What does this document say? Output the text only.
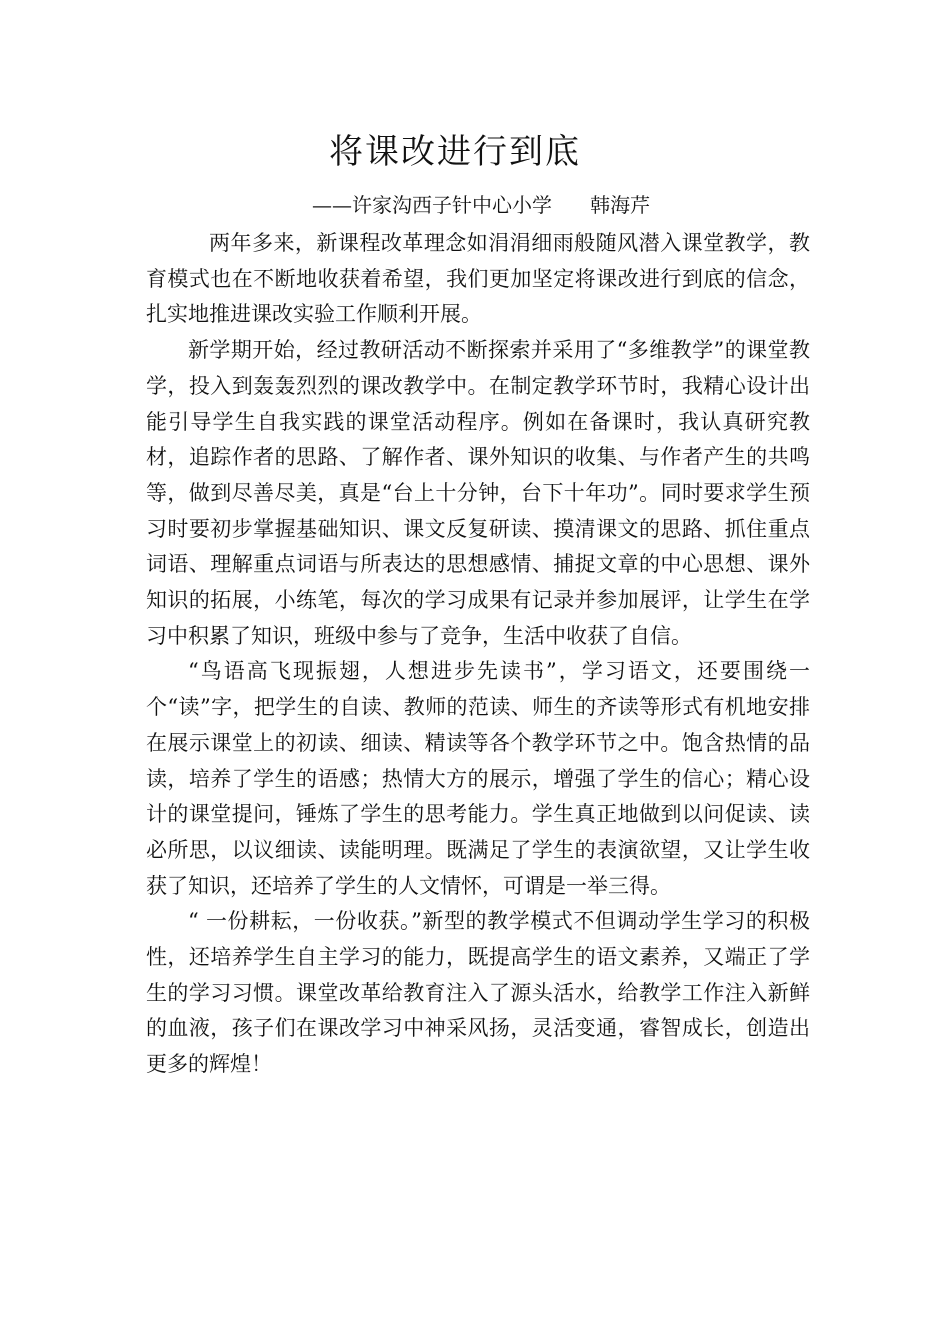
将课改进行到底
——许家沟西子针中心小学      韩海芹

两年多来，新课程改革理念如涓涓细雨般随风潜入课堂教学，教育模式也在不断地收获着希望，我们更加坚定将课改进行到底的信念，扎实地推进课改实验工作顺利开展。

新学期开始，经过教研活动不断探索并采用了“多维教学”的课堂教学，投入到轰轰烈烈的课改教学中。在制定教学环节时，我精心设计出能引导学生自我实践的课堂活动程序。例如在备课时，我认真研究教材，追踪作者的思路、了解作者、课外知识的收集、与作者产生的共鸣等，做到尽善尽美，真是“台上十分钟，台下十年功”。同时要求学生预习时要初步掌握基础知识、课文反复研读、摸清课文的思路、抓住重点词语、理解重点词语与所表达的思想感情、捕捉文章的中心思想、课外知识的拓展，小练笔，每次的学习成果有记录并参加展评，让学生在学习中积累了知识，班级中参与了竞争，生活中收获了自信。

“鸟语高飞现振翅，人想进步先读书”，学习语文，还要围绕一个“读”字，把学生的自读、教师的范读、师生的齐读等形式有机地安排在展示课堂上的初读、细读、精读等各个教学环节之中。饱含热情的品读，培养了学生的语感；热情大方的展示，增强了学生的信心；精心设计的课堂提问，锤炼了学生的思考能力。学生真正地做到以问促读、读必所思，以议细读、读能明理。既满足了学生的表演欲望，又让学生收获了知识，还培养了学生的人文情怀，可谓是一举三得。

“ 一份耕耘，一份收获。”新型的教学模式不但调动学生学习的积极性，还培养学生自主学习的能力，既提高学生的语文素养，又端正了学生的学习习惯。课堂改革给教育注入了源头活水，给教学工作注入新鲜的血液，孩子们在课改学习中神采风扬，灵活变通，睿智成长，创造出更多的辉煌！
